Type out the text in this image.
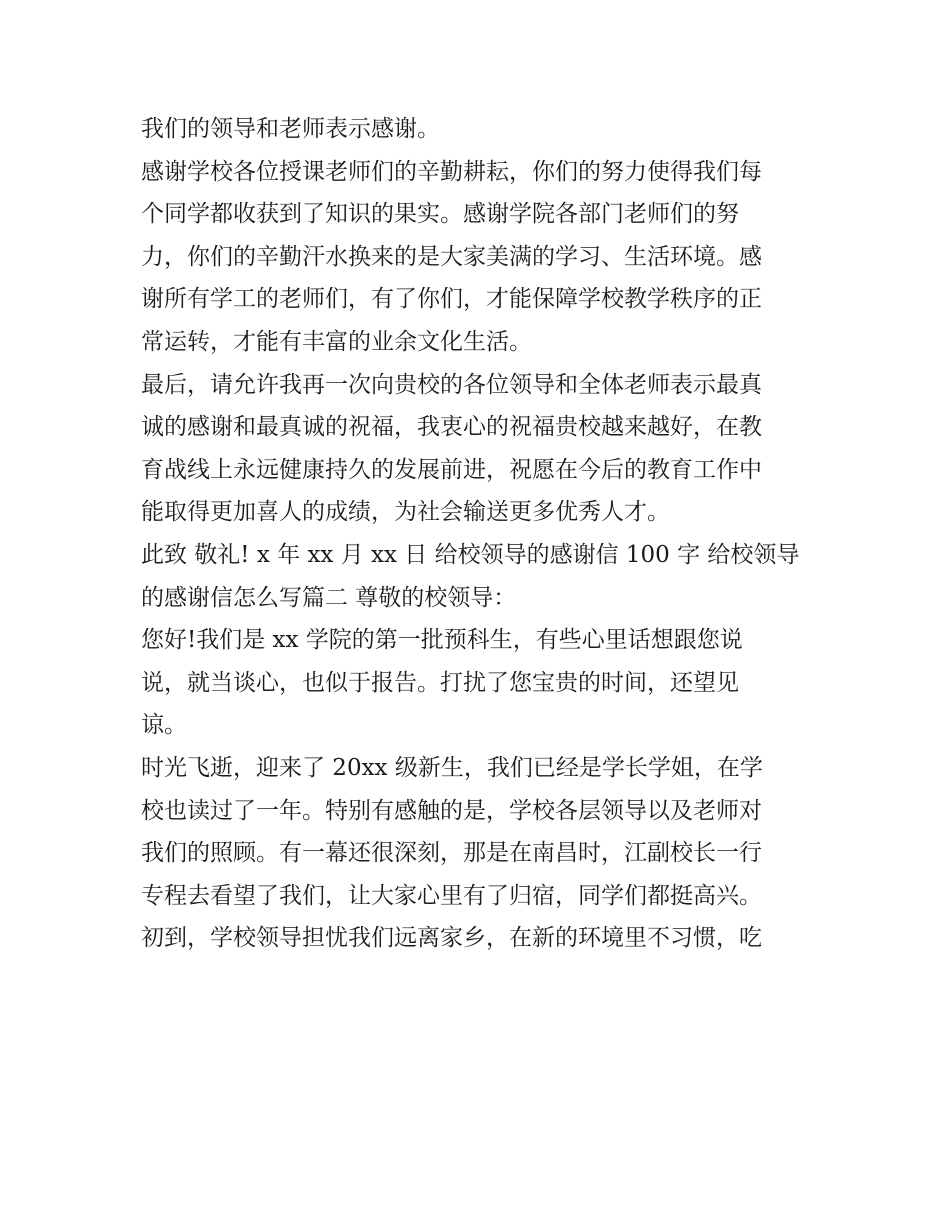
我们的领导和老师表示感谢。
感谢学校各位授课老师们的辛勤耕耘，你们的努力使得我们每
个同学都收获到了知识的果实。感谢学院各部门老师们的努
力，你们的辛勤汗水换来的是大家美满的学习、生活环境。感
谢所有学工的老师们，有了你们，才能保障学校教学秩序的正
常运转，才能有丰富的业余文化生活。
最后，请允许我再一次向贵校的各位领导和全体老师表示最真
诚的感谢和最真诚的祝福，我衷心的祝福贵校越来越好，在教
育战线上永远健康持久的发展前进，祝愿在今后的教育工作中
能取得更加喜人的成绩，为社会输送更多优秀人才。
此致 敬礼! x 年 xx 月 xx 日 给校领导的感谢信 100 字 给校领导
的感谢信怎么写篇二 尊敬的校领导：
您好!我们是 xx 学院的第一批预科生，有些心里话想跟您说
说，就当谈心，也似于报告。打扰了您宝贵的时间，还望见
谅。
时光飞逝，迎来了 20xx 级新生，我们已经是学长学姐，在学
校也读过了一年。特别有感触的是，学校各层领导以及老师对
我们的照顾。有一幕还很深刻，那是在南昌时，江副校长一行
专程去看望了我们，让大家心里有了归宿，同学们都挺高兴。
初到，学校领导担忧我们远离家乡，在新的环境里不习惯，吃
